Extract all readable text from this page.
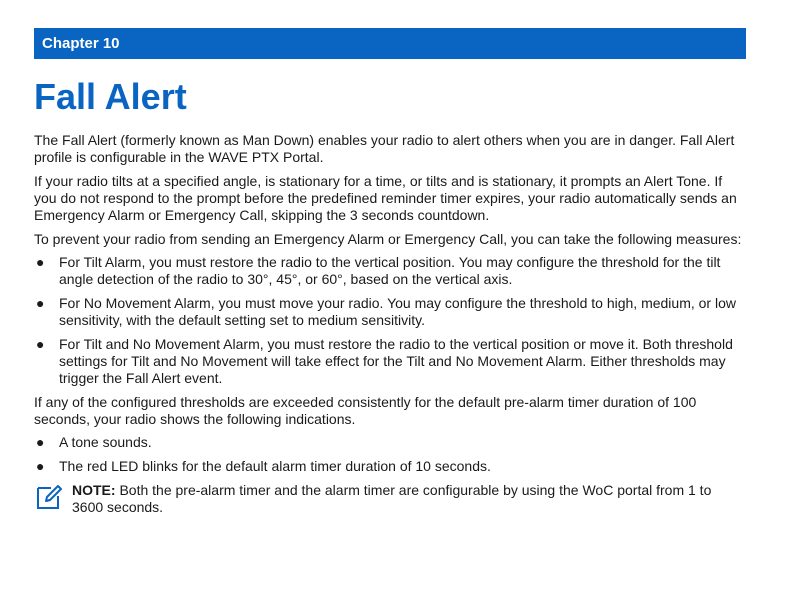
Chapter 10
Fall Alert

The Fall Alert (formerly known as Man Down) enables your radio to alert others when you are in danger. Fall Alert profile is configurable in the WAVE PTX Portal.

If your radio tilts at a specified angle, is stationary for a time, or tilts and is stationary, it prompts an Alert Tone. If you do not respond to the prompt before the predefined reminder timer expires, your radio automatically sends an Emergency Alarm or Emergency Call, skipping the 3 seconds countdown.

To prevent your radio from sending an Emergency Alarm or Emergency Call, you can take the following measures:

● For Tilt Alarm, you must restore the radio to the vertical position. You may configure the threshold for the tilt angle detection of the radio to 30°, 45°, or 60°, based on the vertical axis.
● For No Movement Alarm, you must move your radio. You may configure the threshold to high, medium, or low sensitivity, with the default setting set to medium sensitivity.
● For Tilt and No Movement Alarm, you must restore the radio to the vertical position or move it. Both threshold settings for Tilt and No Movement will take effect for the Tilt and No Movement Alarm. Either thresholds may trigger the Fall Alert event.

If any of the configured thresholds are exceeded consistently for the default pre-alarm timer duration of 100 seconds, your radio shows the following indications.

● A tone sounds.
● The red LED blinks for the default alarm timer duration of 10 seconds.
NOTE: Both the pre-alarm timer and the alarm timer are configurable by using the WoC portal from 1 to 3600 seconds.
